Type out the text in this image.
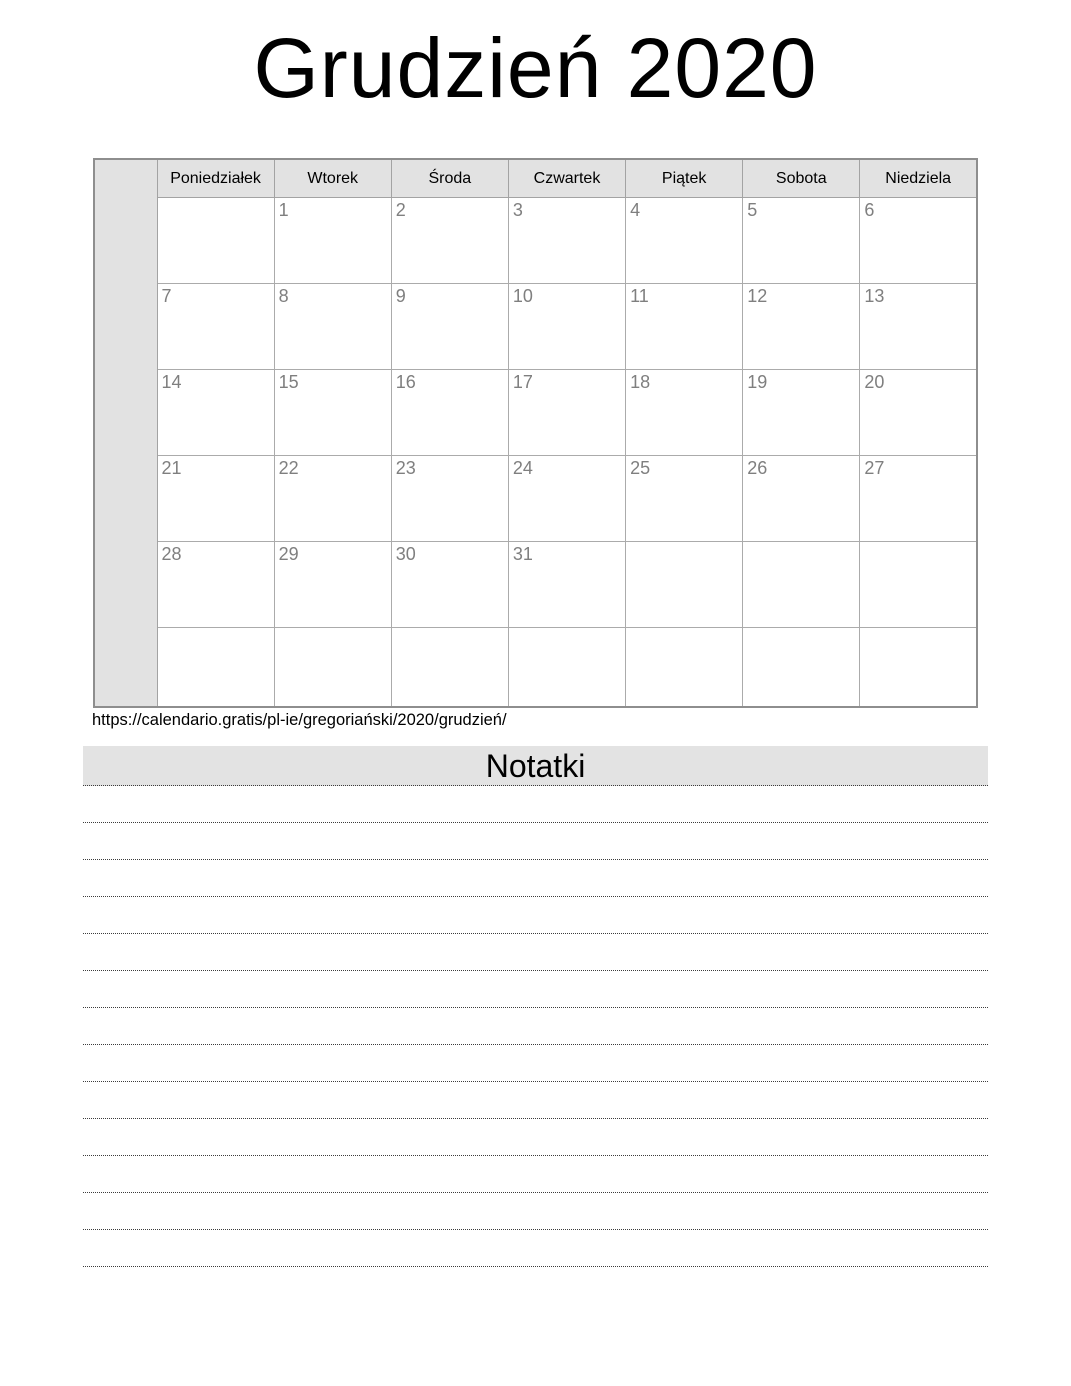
Grudzień 2020
	Poniedziałek	Wtorek	Środa	Czwartek	Piątek	Sobota	Niedziela
		1	2	3	4	5	6
	7	8	9	10	11	12	13
	14	15	16	17	18	19	20
	21	22	23	24	25	26	27
	28	29	30	31			

https://calendario.gratis/pl-ie/gregoriański/2020/grudzień/
Notatki
